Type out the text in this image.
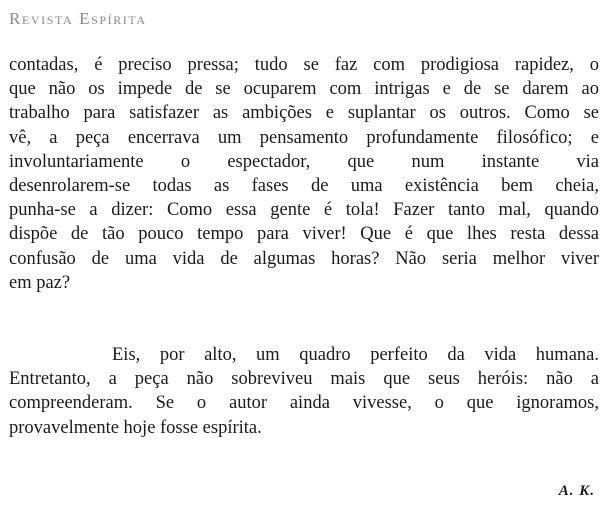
Revista Espírita

contadas, é preciso pressa; tudo se faz com prodigiosa rapidez, o
que não os impede de se ocuparem com intrigas e de se darem ao
trabalho para satisfazer as ambições e suplantar os outros. Como se
vê, a peça encerrava um pensamento profundamente filosófico; e
involuntariamente o espectador, que num instante via
desenrolarem-se todas as fases de uma existência bem cheia,
punha-se a dizer: Como essa gente é tola! Fazer tanto mal, quando
dispõe de tão pouco tempo para viver! Que é que lhes resta dessa
confusão de uma vida de algumas horas? Não seria melhor viver
em paz?

Eis, por alto, um quadro perfeito da vida humana.
Entretanto, a peça não sobreviveu mais que seus heróis: não a
compreenderam. Se o autor ainda vivesse, o que ignoramos,
provavelmente hoje fosse espírita.

A. K.
